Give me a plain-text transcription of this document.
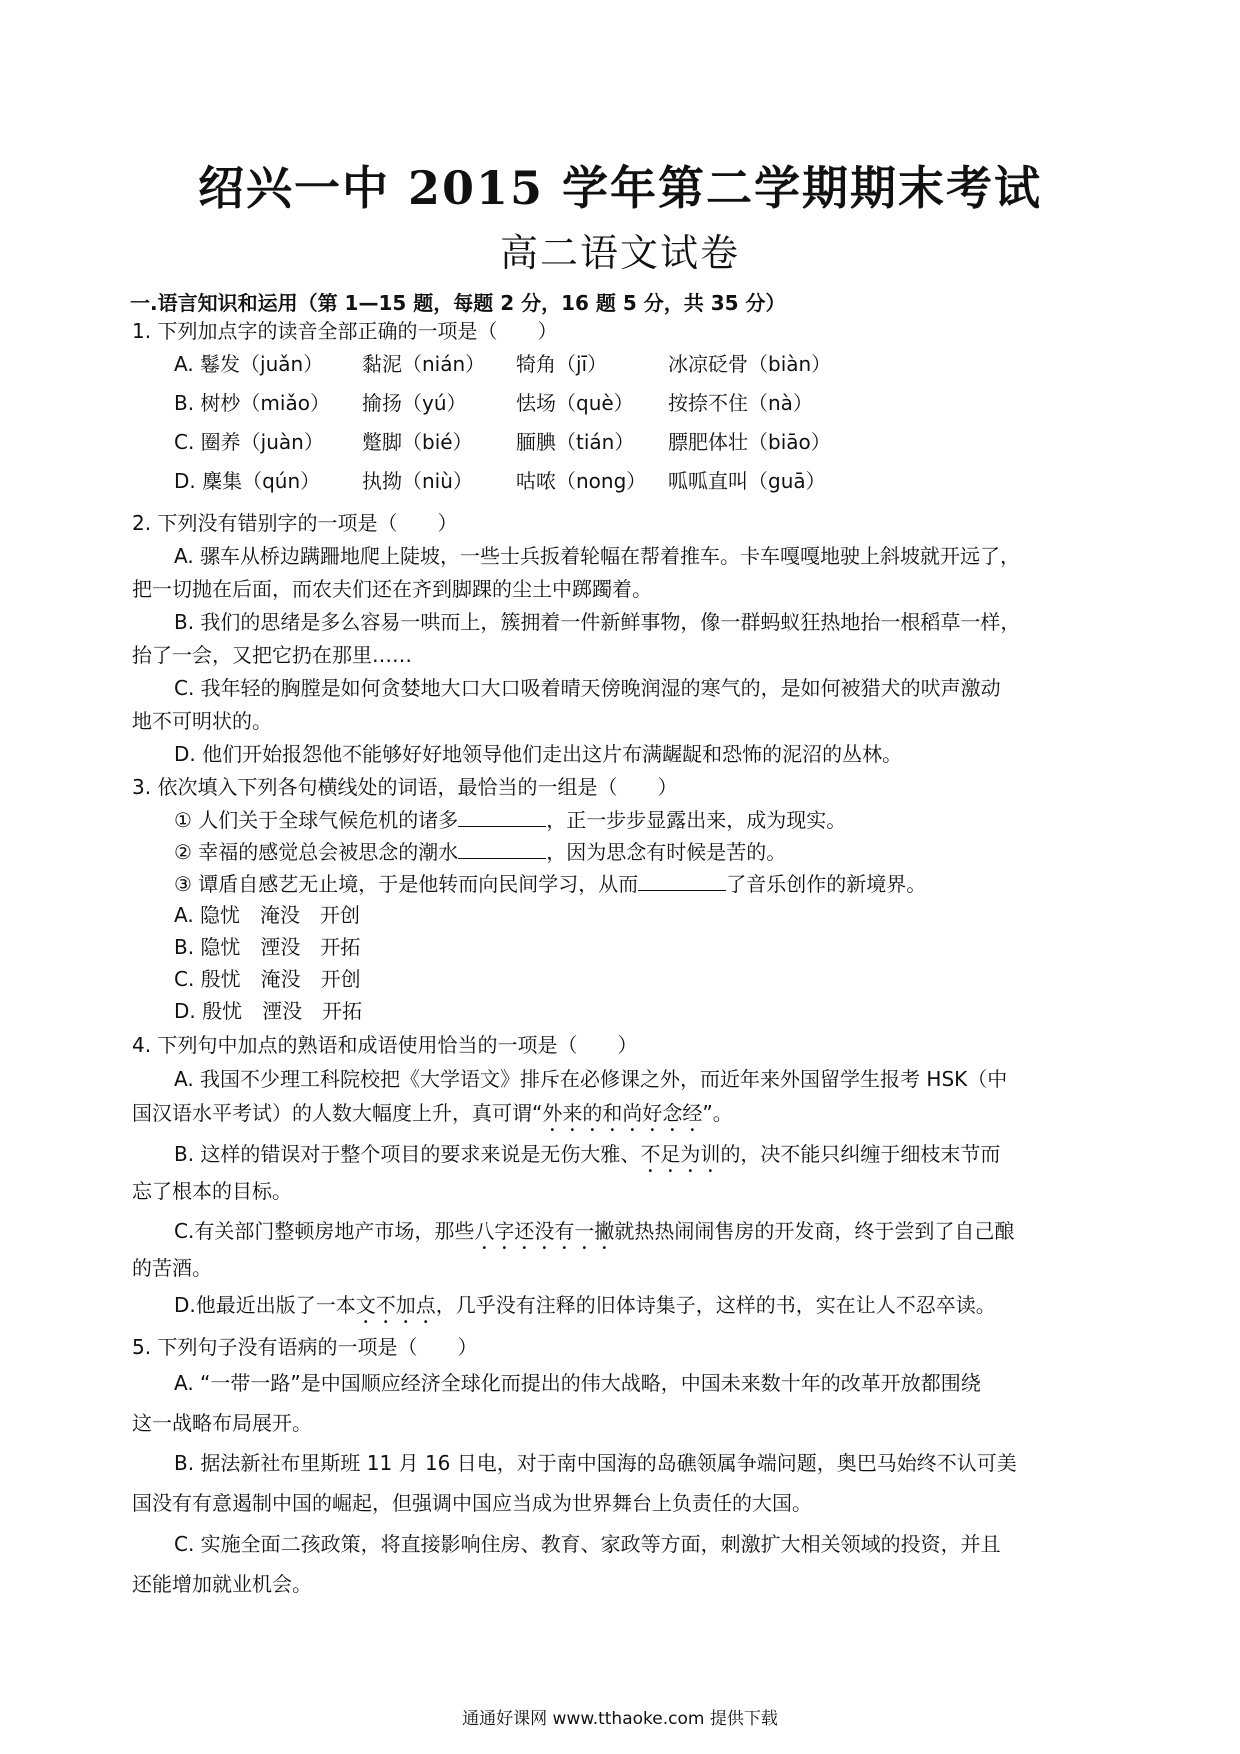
绍兴一中 2015 学年第二学期期末考试
高二语文试卷
一.语言知识和运用（第 1—15 题，每题 2 分，16 题 5 分，共 35 分）
1. 下列加点字的读音全部正确的一项是（　　）
A. 鬈发（juǎn） 黏泥（nián） 犄角（jī）	冰凉砭骨（biàn）
B. 树杪（miǎo） 揄扬（yú） 怯场（què） 按捺不住（nà）
C. 圈养（juàn） 蹩脚（bié） 腼腆（tián） 膘肥体壮（biāo）
D. 麇集（qún） 执拗（niù） 咕哝（nong） 呱呱直叫（guā）
2. 下列没有错别字的一项是（　　）
A. 骡车从桥边蹒跚地爬上陡坡，一些士兵扳着轮幅在帮着推车。卡车嘎嘎地驶上斜坡就开远了，
把一切抛在后面，而农夫们还在齐到脚踝的尘土中踯躅着。
B. 我们的思绪是多么容易一哄而上，簇拥着一件新鲜事物，像一群蚂蚁狂热地抬一根稻草一样，
抬了一会，又把它扔在那里……
C. 我年轻的胸膛是如何贪婪地大口大口吸着晴天傍晚润湿的寒气的，是如何被猎犬的吠声激动
地不可明状的。
D. 他们开始报怨他不能够好好地领导他们走出这片布满龌龊和恐怖的泥沼的丛林。
3. 依次填入下列各句横线处的词语，最恰当的一组是（　　）
① 人们关于全球气候危机的诸多	，正一步步显露出来，成为现实。
② 幸福的感觉总会被思念的潮水	，因为思念有时候是苦的。
③ 谭盾自感艺无止境，于是他转而向民间学习，从而	了音乐创作的新境界。
A. 隐忧　淹没　开创
B. 隐忧　湮没　开拓
C. 殷忧　淹没　开创
D. 殷忧　湮没　开拓
4. 下列句中加点的熟语和成语使用恰当的一项是（　　）
A. 我国不少理工科院校把《大学语文》排斥在必修课之外，而近年来外国留学生报考 HSK（中
国汉语水平考试）的人数大幅度上升，真可谓“外来的和尚好念经”。
B. 这样的错误对于整个项目的要求来说是无伤大雅、不足为训的，决不能只纠缠于细枝末节而
忘了根本的目标。
C.有关部门整顿房地产市场，那些八字还没有一撇就热热闹闹售房的开发商，终于尝到了自己酿
的苦酒。
D.他最近出版了一本文不加点，几乎没有注释的旧体诗集子，这样的书，实在让人不忍卒读。
5. 下列句子没有语病的一项是（　　）
A. “一带一路”是中国顺应经济全球化而提出的伟大战略，中国未来数十年的改革开放都围绕
这一战略布局展开。
B. 据法新社布里斯班 11 月 16 日电，对于南中国海的岛礁领属争端问题，奥巴马始终不认可美
国没有有意遏制中国的崛起，但强调中国应当成为世界舞台上负责任的大国。
C. 实施全面二孩政策，将直接影响住房、教育、家政等方面，刺激扩大相关领域的投资，并且
还能增加就业机会。
通通好课网 www.tthaoke.com 提供下载
